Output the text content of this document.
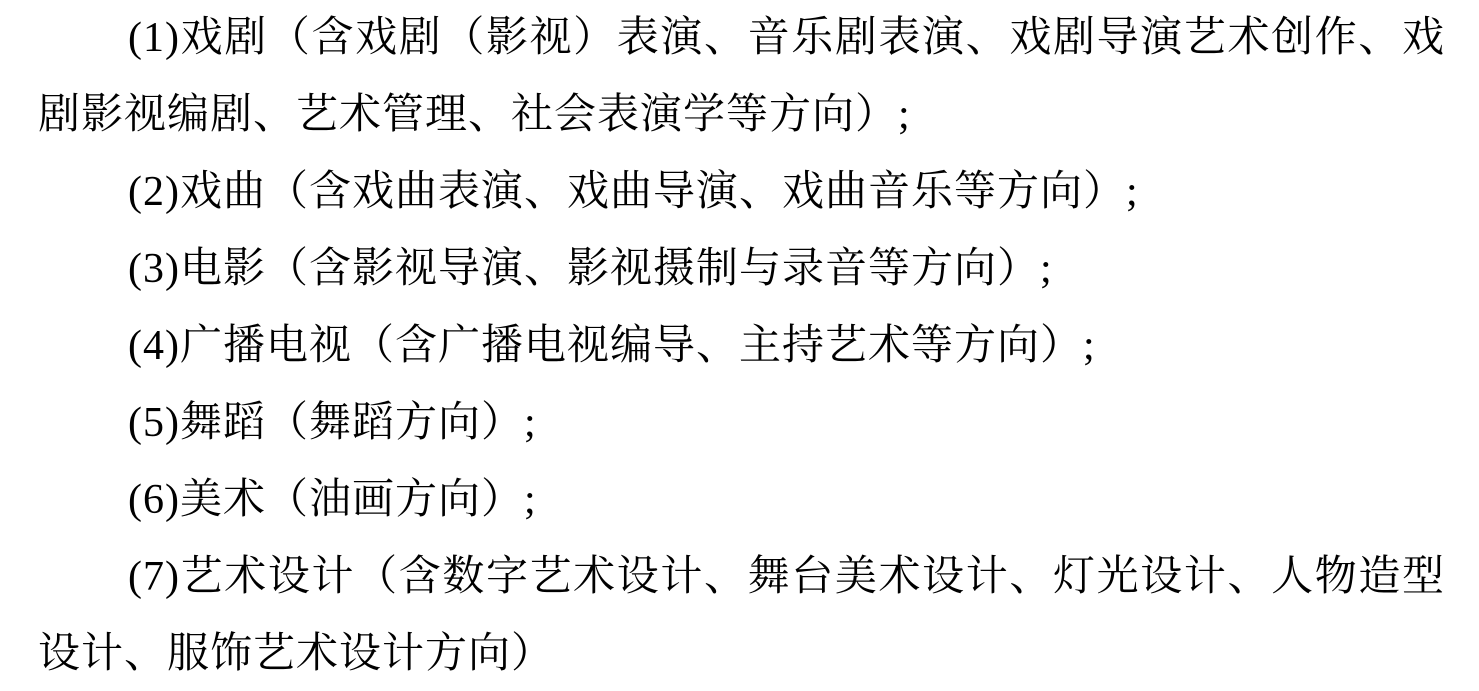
(1)戏剧（含戏剧（影视）表演、音乐剧表演、戏剧导演艺术创作、戏剧影视编剧、艺术管理、社会表演学等方向）;

(2)戏曲（含戏曲表演、戏曲导演、戏曲音乐等方向）;

(3)电影（含影视导演、影视摄制与录音等方向）;

(4)广播电视（含广播电视编导、主持艺术等方向）;

(5)舞蹈（舞蹈方向）;

(6)美术（油画方向）;

(7)艺术设计（含数字艺术设计、舞台美术设计、灯光设计、人物造型设计、服饰艺术设计方向）
